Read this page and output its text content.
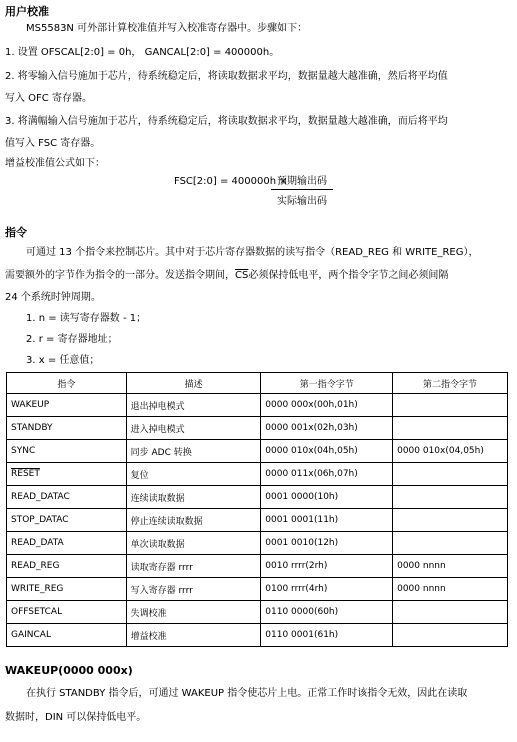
用户校准
MS5583N 可外部计算校准值并写入校准寄存器中。步骤如下：
1. 设置 OFSCAL[2:0] = 0h， GANCAL[2:0] = 400000h。
2. 将零输入信号施加于芯片，待系统稳定后，将读取数据求平均，数据量越大越准确，然后将平均值
写入 OFC 寄存器。
3. 将满幅输入信号施加于芯片，待系统稳定后，将读取数据求平均，数据量越大越准确，而后将平均
值写入 FSC 寄存器。
增益校准值公式如下：
FSC[2:0] = 400000h ×
预期输出码
实际输出码
指令
可通过 13 个指令来控制芯片。其中对于芯片寄存器数据的读写指令（READ_REG 和 WRITE_REG），
需要额外的字节作为指令的一部分。发送指令期间，$\overline{CS}$必须保持低电平，两个指令字节之间必须间隔
24 个系统时钟周期。
1. n = 读写寄存器数 - 1；
2. r = 寄存器地址；
3. x = 任意值；
指令	描述	第一指令字节	第二指令字节
WAKEUP	退出掉电模式	0000 000x(00h,01h)	
STANDBY	进入掉电模式	0000 001x(02h,03h)	
SYNC	同步 ADC 转换	0000 010x(04h,05h)	0000 010x(04,05h)
RESET	复位	0000 011x(06h,07h)	
READ_DATAC	连续读取数据	0001 0000(10h)	
STOP_DATAC	停止连续读取数据	0001 0001(11h)	
READ_DATA	单次读取数据	0001 0010(12h)	
READ_REG	读取寄存器 rrrr	0010 rrrr(2rh)	0000 nnnn
WRITE_REG	写入寄存器 rrrr	0100 rrrr(4rh)	0000 nnnn
OFFSETCAL	失调校准	0110 0000(60h)	
GAINCAL	增益校准	0110 0001(61h)	
WAKEUP(0000 000x)
在执行 STANDBY 指令后，可通过 WAKEUP 指令使芯片上电。正常工作时该指令无效，因此在读取
数据时，DIN 可以保持低电平。
